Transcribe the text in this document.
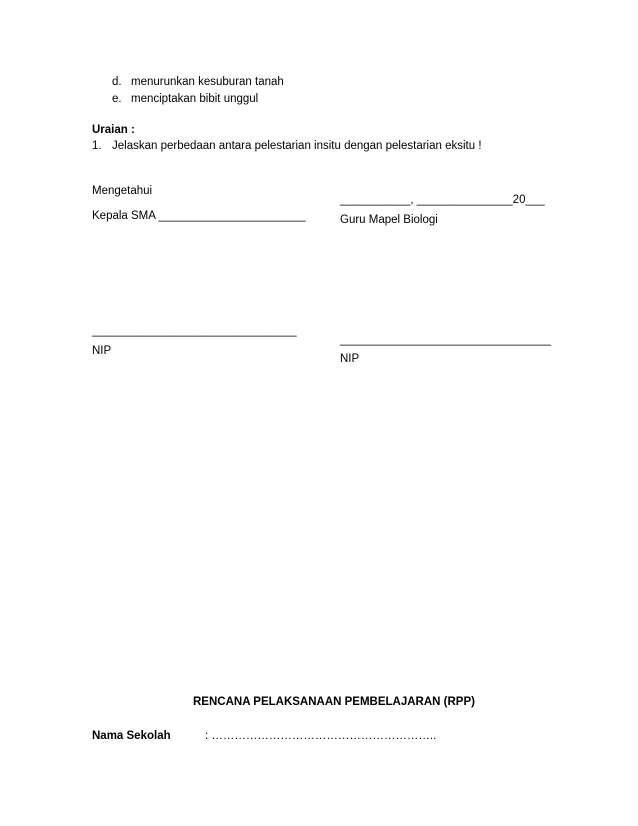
d. menurunkan kesuburan tanah
e. menciptakan bibit unggul
Uraian :
1. Jelaskan perbedaan antara pelestarian insitu dengan pelestarian eksitu !
Mengetahui
Kepala SMA _______________________
________________________________
NIP
___________, _______________20___
Guru Mapel Biologi
_________________________________
NIP
RENCANA PELAKSANAAN PEMBELAJARAN (RPP)
Nama Sekolah	: …………………………………………………..
